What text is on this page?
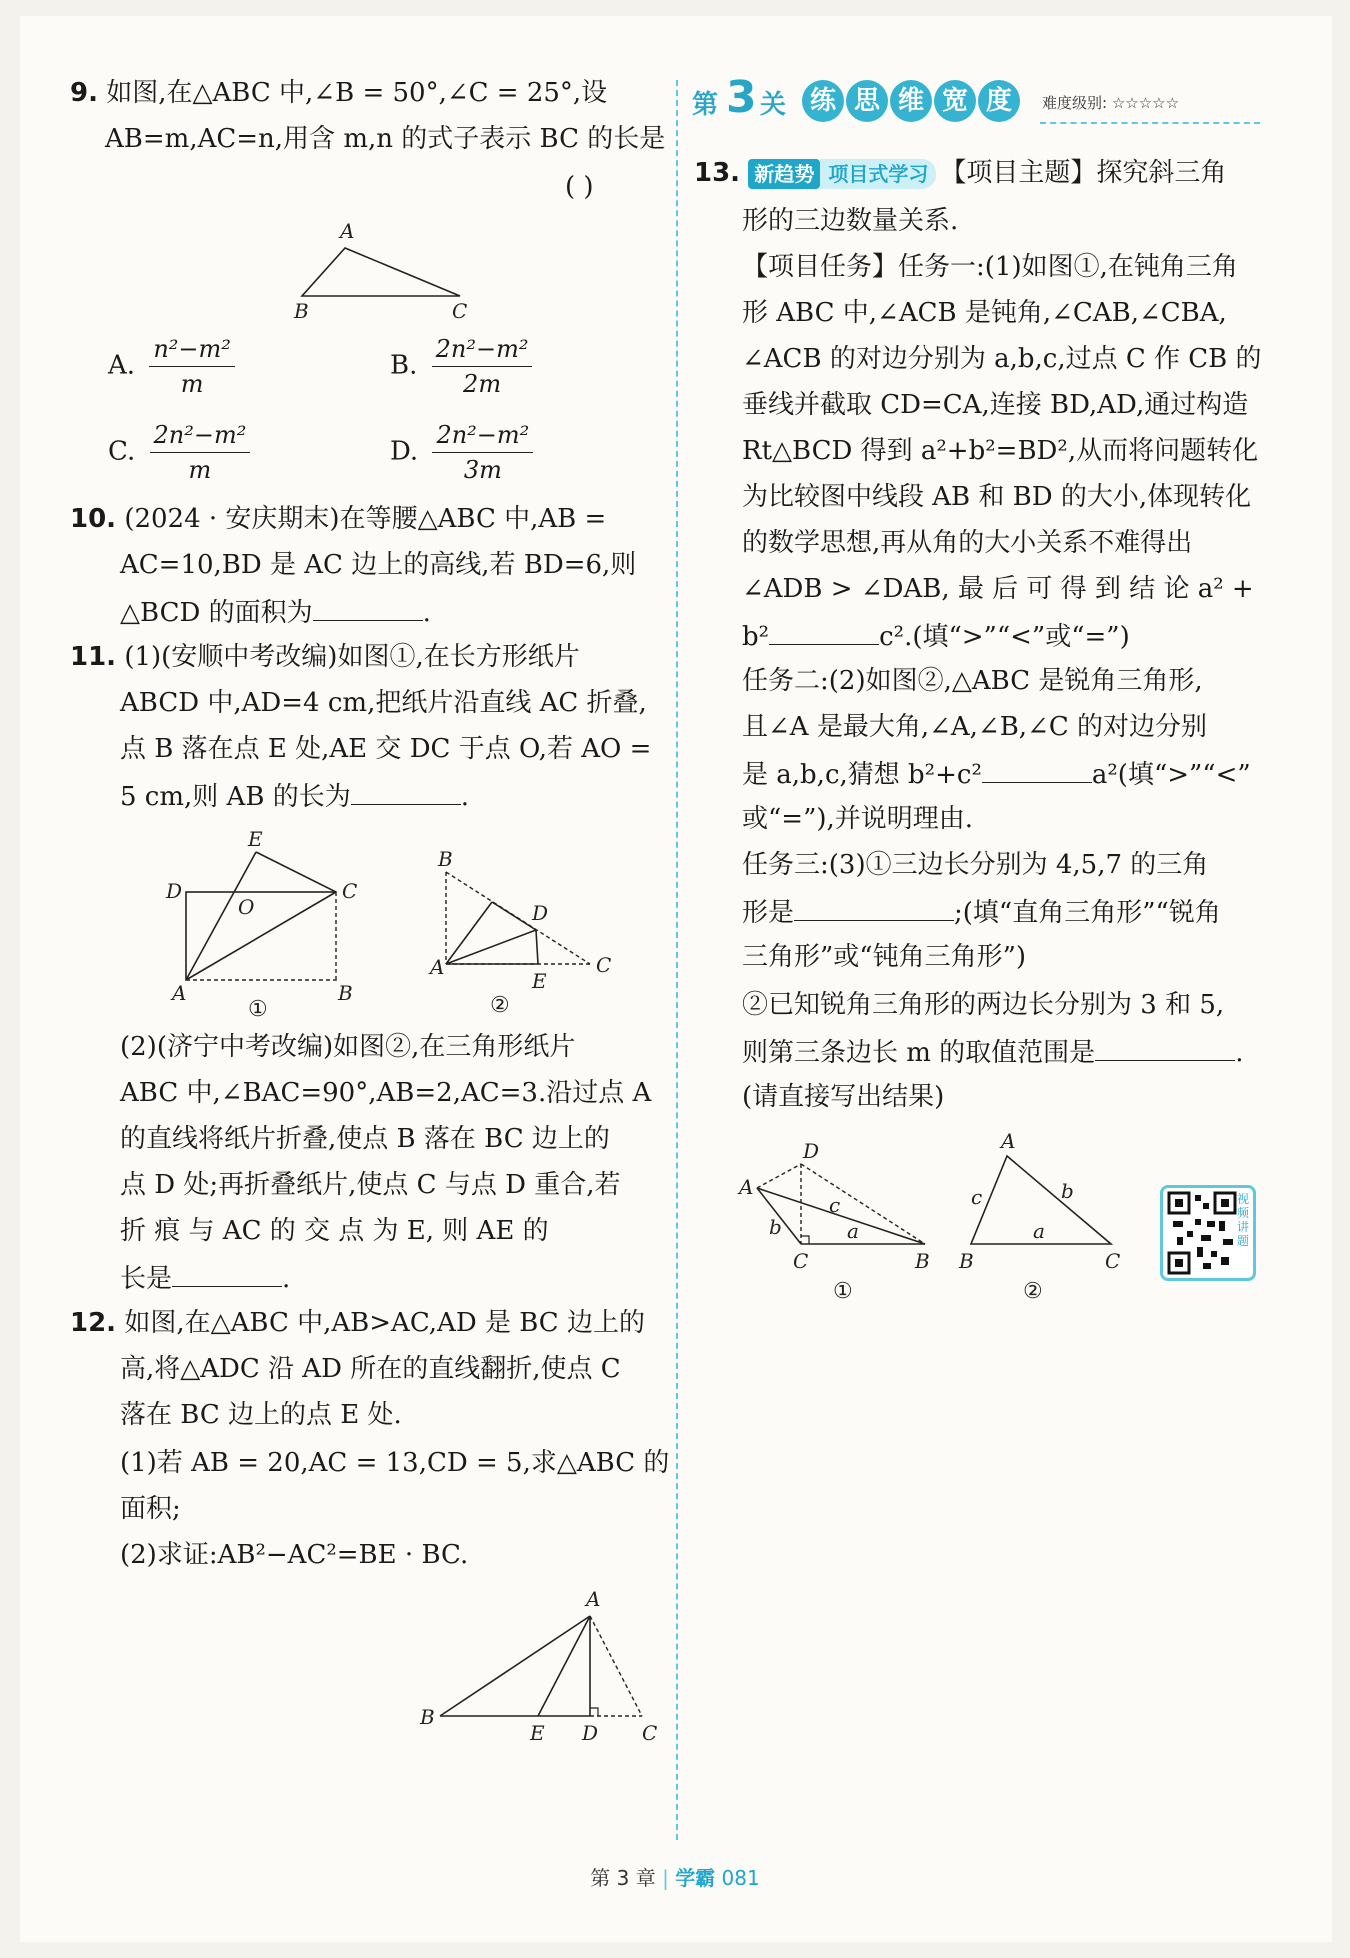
9. 如图,在△ABC 中,∠B = 50°,∠C = 25°,设
AB=m,AC=n,用含 m,n 的式子表示 BC 的长是
( )
A
B	C
A. $\frac{\text{n²−m²}}{m}$	B. $\frac{\text{2n²−m²}}{2m}$
C. $\frac{\text{2n²−m²}}{m}$	D. $\frac{\text{2n²−m²}}{3m}$
10. (2024 · 安庆期末)在等腰△ABC 中,AB =
AC=10,BD 是 AC 边上的高线,若 BD=6,则
△BCD 的面积为	.
11. (1)(安顺中考改编)如图①,在长方形纸片
ABCD 中,AD=4 cm,把纸片沿直线 AC 折叠,
点 B 落在点 E 处,AE 交 DC 于点 O,若 AO =
5 cm,则 AB 的长为	.
E
D
O
C
A	B
①
B
D
A
E
C
②
(2)(济宁中考改编)如图②,在三角形纸片
ABC 中,∠BAC=90°,AB=2,AC=3.沿过点 A
的直线将纸片折叠,使点 B 落在 BC 边上的
点 D 处;再折叠纸片,使点 C 与点 D 重合,若
折 痕 与 AC 的 交 点 为 E, 则 AE 的
长是	.
12. 如图,在△ABC 中,AB>AC,AD 是 BC 边上的
高,将△ADC 沿 AD 所在的直线翻折,使点 C
落在 BC 边上的点 E 处.
(1)若 AB = 20,AC = 13,CD = 5,求△ABC 的
面积;
(2)求证:AB²−AC²=BE · BC.
A
B
E D C
第 3 关 练 思 维 宽 度	难度级别: ☆☆☆☆☆
13. 新趋势 项目式学习 【项目主题】探究斜三角
形的三边数量关系.
【项目任务】任务一:(1)如图①,在钝角三角
形 ABC 中,∠ACB 是钝角,∠CAB,∠CBA,
∠ACB 的对边分别为 a,b,c,过点 C 作 CB 的
垂线并截取 CD=CA,连接 BD,AD,通过构造
Rt△BCD 得到 a²+b²=BD²,从而将问题转化
为比较图中线段 AB 和 BD 的大小,体现转化
的数学思想,再从角的大小关系不难得出
∠ADB > ∠DAB, 最 后 可 得 到 结 论 a² +
b²	c².(填“>”“<”或“=”)
任务二:(2)如图②,△ABC 是锐角三角形,
且∠A 是最大角,∠A,∠B,∠C 的对边分别
是 a,b,c,猜想 b²+c²	a²(填“>”“<”
或“=”),并说明理由.
任务三:(3)①三边长分别为 4,5,7 的三角
形是	;(填“直角三角形”“锐角
三角形”或“钝角三角形”)
②已知锐角三角形的两边长分别为 3 和 5,
则第三条边长 m 的取值范围是	.
(请直接写出结果)
D
A
c
b	a
C	B
①
A
c	b
a
B	C
②
视频讲题
第 3 章 | 学霸 081
